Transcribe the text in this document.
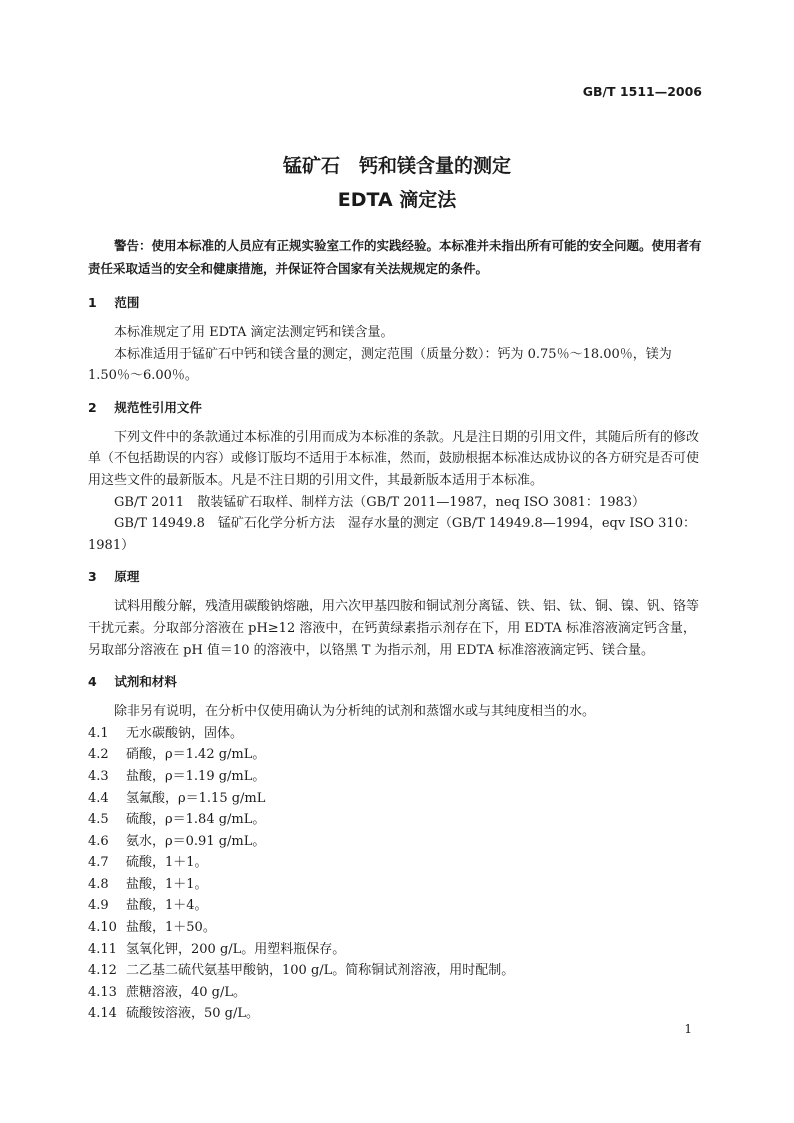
GB/T 1511—2006
锰矿石　钙和镁含量的测定
EDTA 滴定法

警告：使用本标准的人员应有正规实验室工作的实践经验。本标准并未指出所有可能的安全问题。使用者有责任采取适当的安全和健康措施，并保证符合国家有关法规规定的条件。

1 范围

本标准规定了用 EDTA 滴定法测定钙和镁含量。

本标准适用于锰矿石中钙和镁含量的测定，测定范围（质量分数）：钙为 0.75％～18.00％，镁为 1.50％～6.00％。

2 规范性引用文件

下列文件中的条款通过本标准的引用而成为本标准的条款。凡是注日期的引用文件，其随后所有的修改单（不包括勘误的内容）或修订版均不适用于本标准，然而，鼓励根据本标准达成协议的各方研究是否可使用这些文件的最新版本。凡是不注日期的引用文件，其最新版本适用于本标准。

GB/T 2011　散装锰矿石取样、制样方法（GB/T 2011—1987，neq ISO 3081：1983）

GB/T 14949.8　锰矿石化学分析方法　湿存水量的测定（GB/T 14949.8—1994，eqv ISO 310：1981）

3 原理

试料用酸分解，残渣用碳酸钠熔融，用六次甲基四胺和铜试剂分离锰、铁、铝、钛、铜、镍、钒、铬等干扰元素。分取部分溶液在 pH≥12 溶液中，在钙黄绿素指示剂存在下，用 EDTA 标准溶液滴定钙含量，另取部分溶液在 pH 值＝10 的溶液中，以铬黑 T 为指示剂，用 EDTA 标准溶液滴定钙、镁合量。

4 试剂和材料

除非另有说明，在分析中仅使用确认为分析纯的试剂和蒸馏水或与其纯度相当的水。

4.1 无水碳酸钠，固体。

4.2 硝酸，ρ＝1.42 g/mL。

4.3 盐酸，ρ＝1.19 g/mL。

4.4 氢氟酸，ρ＝1.15 g/mL

4.5 硫酸，ρ＝1.84 g/mL。

4.6 氨水，ρ＝0.91 g/mL。

4.7 硫酸，1＋1。

4.8 盐酸，1＋1。

4.9 盐酸，1＋4。

4.10 盐酸，1＋50。

4.11 氢氧化钾，200 g/L。用塑料瓶保存。

4.12 二乙基二硫代氨基甲酸钠，100 g/L。简称铜试剂溶液，用时配制。

4.13 蔗糖溶液，40 g/L。

4.14 硫酸铵溶液，50 g/L。

1
